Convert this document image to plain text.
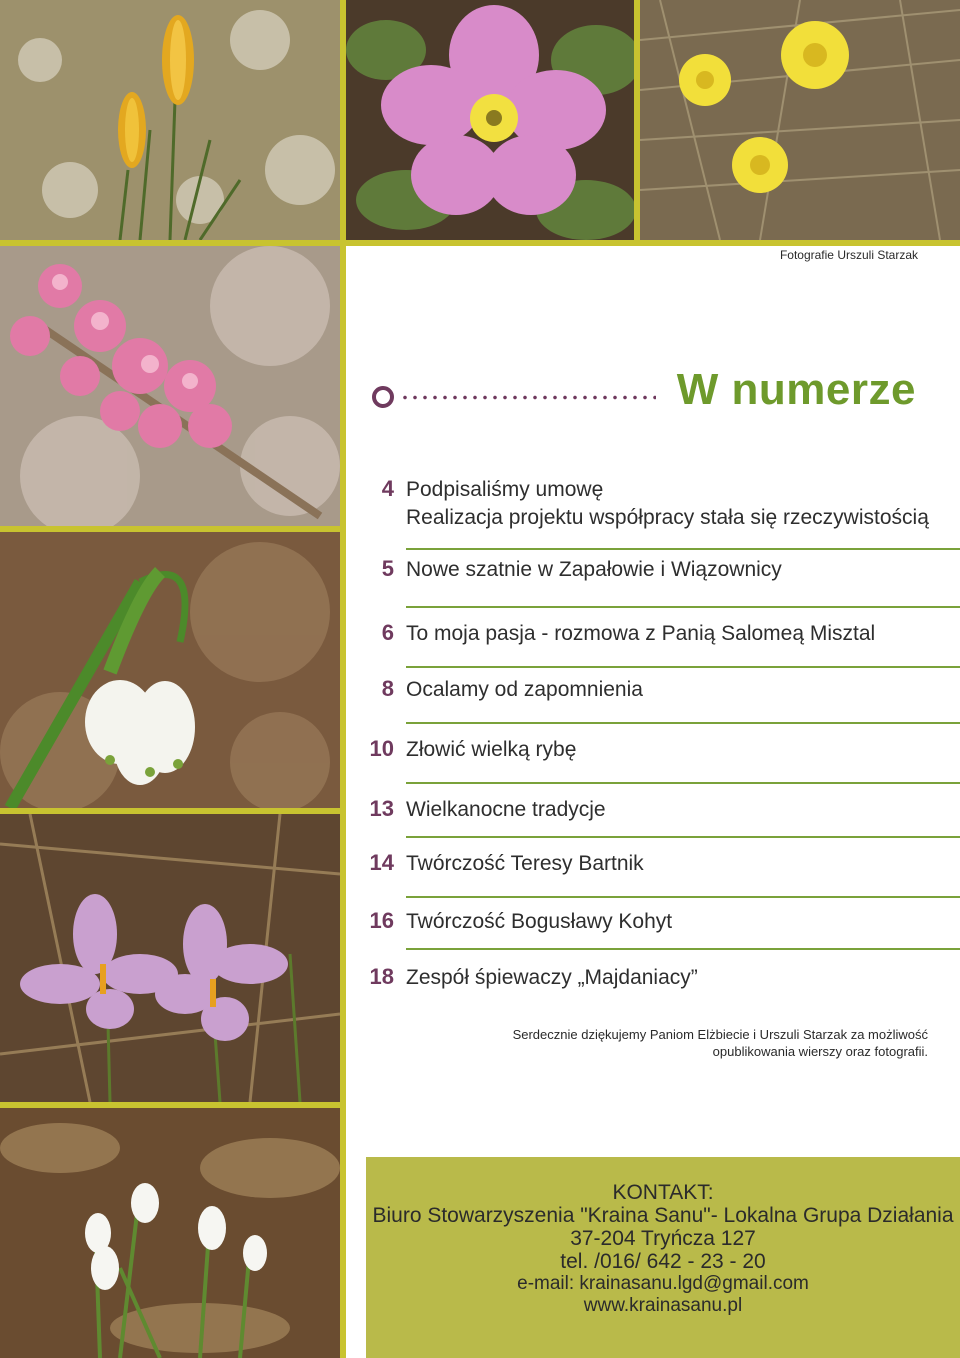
Fotografie Urszuli Starzak
W numerze
4 Podpisaliśmy umowę
Realizacja projektu współpracy stała się rzeczywistością
5 Nowe szatnie w Zapałowie i Wiązownicy
6 To moja pasja - rozmowa z Panią Salomeą Misztal
8 Ocalamy od zapomnienia
10 Złowić wielką rybę
13 Wielkanocne tradycje
14 Twórczość Teresy Bartnik
16 Twórczość Bogusławy Kohyt
18 Zespół śpiewaczy „Majdaniacy”
Serdecznie dziękujemy Paniom Elżbiecie i Urszuli Starzak za możliwość
opublikowania wierszy oraz fotografii.
KONTAKT:
Biuro Stowarzyszenia "Kraina Sanu"- Lokalna Grupa Działania
37-204 Tryńcza 127
tel. /016/ 642 - 23 - 20
e-mail: krainasanu.lgd@gmail.com
www.krainasanu.pl
